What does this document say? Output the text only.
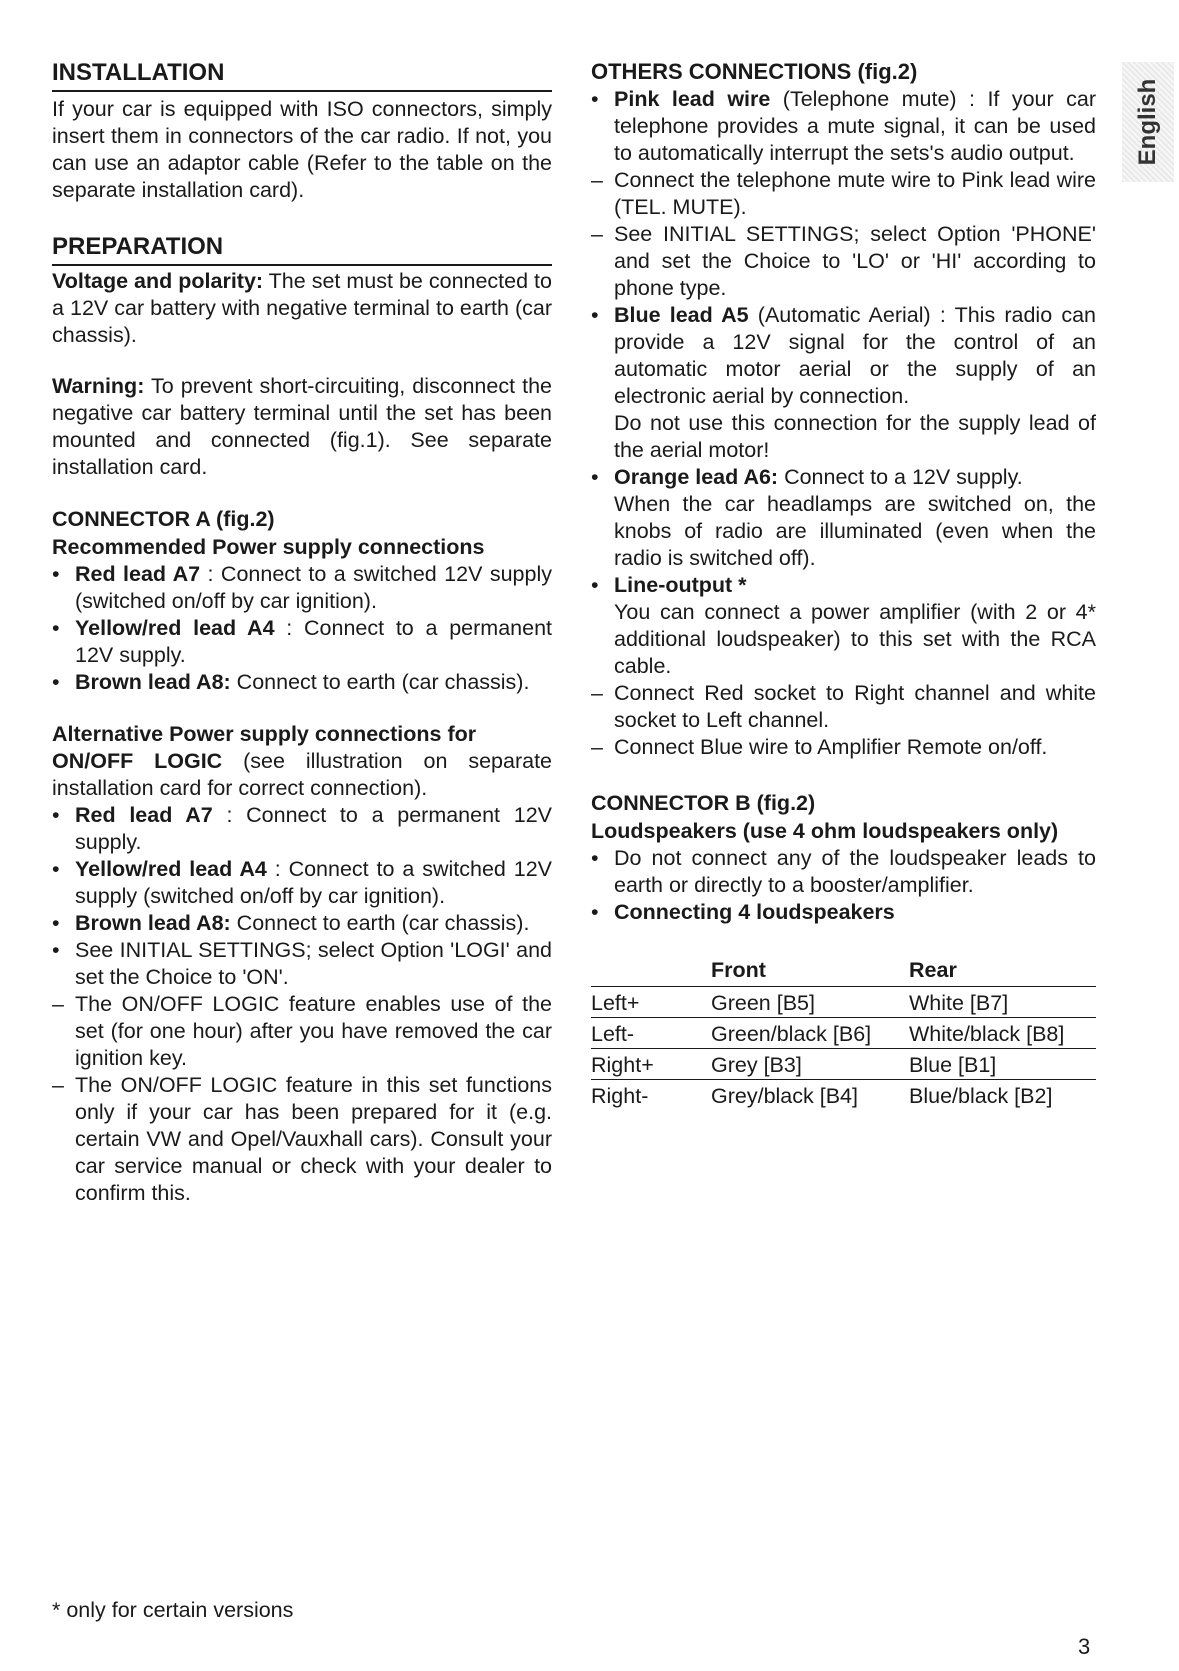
INSTALLATION

If your car is equipped with ISO connectors, simply insert them in connectors of the car radio. If not, you can use an adaptor cable (Refer to the table on the separate installation card).

PREPARATION

Voltage and polarity: The set must be connected to a 12V car battery with negative terminal to earth (car chassis).

Warning: To prevent short-circuiting, disconnect the negative car battery terminal until the set has been mounted and connected (fig.1). See separate installation card.

CONNECTOR A (fig.2)
Recommended Power supply connections
• Red lead A7 : Connect to a switched 12V supply (switched on/off by car ignition).
• Yellow/red lead A4 : Connect to a permanent 12V supply.
• Brown lead A8: Connect to earth (car chassis).
Alternative Power supply connections for

ON/OFF LOGIC (see illustration on separate installation card for correct connection).

• Red lead A7 : Connect to a permanent 12V supply.
• Yellow/red lead A4 : Connect to a switched 12V supply (switched on/off by car ignition).
• Brown lead A8: Connect to earth (car chassis).
• See INITIAL SETTINGS; select Option 'LOGI' and set the Choice to 'ON'.
– The ON/OFF LOGIC feature enables use of the set (for one hour) after you have removed the car ignition key.
– The ON/OFF LOGIC feature in this set functions only if your car has been prepared for it (e.g. certain VW and Opel/Vauxhall cars). Consult your car service manual or check with your dealer to confirm this.
OTHERS CONNECTIONS (fig.2)
• Pink lead wire (Telephone mute) : If your car telephone provides a mute signal, it can be used to automatically interrupt the sets's audio output.
– Connect the telephone mute wire to Pink lead wire (TEL. MUTE).
– See INITIAL SETTINGS; select Option 'PHONE' and set the Choice to 'LO' or 'HI' according to phone type.
• Blue lead A5 (Automatic Aerial) : This radio can provide a 12V signal for the control of an automatic motor aerial or the supply of an electronic aerial by connection.
Do not use this connection for the supply lead of the aerial motor!
• Orange lead A6: Connect to a 12V supply.
When the car headlamps are switched on, the knobs of radio are illuminated (even when the radio is switched off).
• Line-output *
You can connect a power amplifier (with 2 or 4* additional loudspeaker) to this set with the RCA cable.
– Connect Red socket to Right channel and white socket to Left channel.
– Connect Blue wire to Amplifier Remote on/off.
CONNECTOR B (fig.2)
Loudspeakers (use 4 ohm loudspeakers only)
• Do not connect any of the loudspeaker leads to earth or directly to a booster/amplifier.
• Connecting 4 loudspeakers
	Front	Rear
Left+	Green [B5]	White [B7]
Left-	Green/black [B6]	White/black [B8]
Right+	Grey [B3]	Blue [B1]
Right-	Grey/black [B4]	Blue/black [B2]
English
* only for certain versions
3
